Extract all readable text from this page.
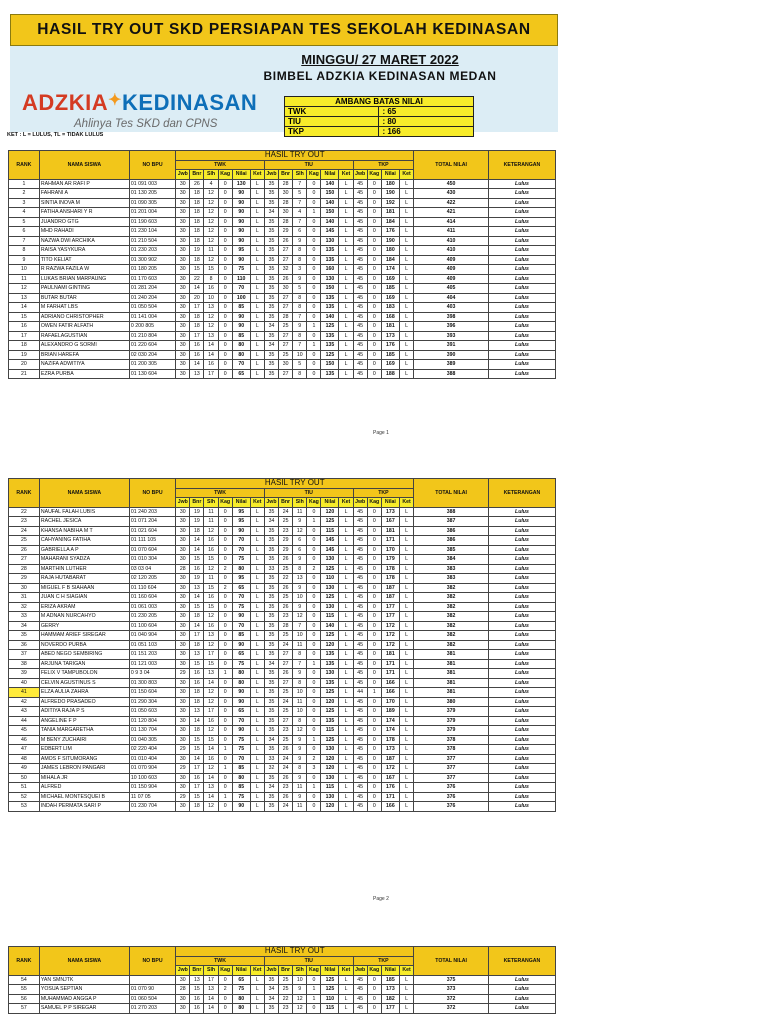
HASIL TRY OUT SKD PERSIAPAN TES SEKOLAH KEDINASAN
MINGGU/ 27 MARET 2022
BIMBEL ADZKIA KEDINASAN MEDAN
ADZKIA✦KEDINASAN
Ahlinya Tes SKD dan CPNS
AMBANG BATAS NILAI	
TWK	: 65
TIU	: 80
TKP	: 166
KET : L = LULUS, TL = TIDAK LULUS
RANK	NAMA SISWA	NO BPU	HASIL TRY OUT																TOTAL NILAI	KETERANGAN
			TWK						TIU						TKP					
			Jwb	Bnr	Slh	Kag	Nilai	Ket	Jwb	Bnr	Slh	Kag	Nilai	Ket	Jwb	Kag	Nilai	Ket		
1	RAHMAN AR RAFI P	01 091 003	30	26	4	0	130	L	35	28	7	0	140	L	45	0	180	L	450	Lulus
2	FAHRANI A	01 130 205	30	18	12	0	90	L	35	30	5	0	150	L	45	0	190	L	430	Lulus
3	SINTIA INOVA M	01 090 305	30	18	12	0	90	L	35	28	7	0	140	L	45	0	192	L	422	Lulus
4	FATIHA ANSHARI Y R	01 201 004	30	18	12	0	90	L	34	30	4	1	150	L	45	0	181	L	421	Lulus
5	JUANDRO GTG	01 190 603	30	18	12	0	90	L	35	28	7	0	140	L	45	0	184	L	414	Lulus
6	MHD RAHADI	01 230 104	30	18	12	0	90	L	35	29	6	0	145	L	45	0	176	L	411	Lulus
7	NAZWA DWI ARCHIKA	01 210 504	30	18	12	0	90	L	35	26	9	0	130	L	45	0	190	L	410	Lulus
8	RAISA YASYKURA	01 230 203	30	19	11	0	95	L	35	27	8	0	135	L	45	0	180	L	410	Lulus
9	TITO KELIAT	01 300 902	30	18	12	0	90	L	35	27	8	0	135	L	45	0	184	L	409	Lulus
10	R RAZWA FAZILA W	01 180 205	30	15	15	0	75	L	35	32	3	0	160	L	45	0	174	L	409	Lulus
11	LUKAS BRIAN MARPAUNG	01 170 603	30	22	8	0	110	L	35	26	9	0	130	L	45	0	169	L	409	Lulus
12	PAULNAMI GINTING	01 281 204	30	14	16	0	70	L	35	30	5	0	150	L	45	0	185	L	405	Lulus
13	BUTAR BUTAR	01 240 204	30	20	10	0	100	L	35	27	8	0	135	L	45	0	169	L	404	Lulus
14	M FARHAT LBS	01 050 504	30	17	13	0	85	L	35	27	8	0	135	L	45	0	183	L	403	Lulus
15	ADRIANO CHRISTOPHER	01 141 004	30	18	12	0	90	L	35	28	7	0	140	L	45	0	168	L	398	Lulus
16	OWEN FATIR ALFATH	0 200 805	30	18	12	0	90	L	34	25	9	1	125	L	45	0	181	L	396	Lulus
17	RAFAELAGUSTIAN	01 210 804	30	17	13	0	85	L	35	27	8	0	135	L	45	0	173	L	393	Lulus
18	ALEXANDRO G SORMI	01 220 604	30	16	14	0	80	L	34	27	7	1	135	L	45	0	176	L	391	Lulus
19	BRIAN HAREFA	02 030 204	30	16	14	0	80	L	35	25	10	0	125	L	45	0	185	L	390	Lulus
20	NAZIFA ADWITIYA	01 200 305	30	14	16	0	70	L	35	30	5	0	150	L	45	0	169	L	389	Lulus
21	EZRA PURBA	01 130 604	30	13	17	0	65	L	35	27	8	0	135	L	45	0	188	L	388	Lulus
Page 1
RANK	NAMA SISWA	NO BPU	HASIL TRY OUT																TOTAL NILAI	KETERANGAN
			TWK						TIU						TKP					
			Jwb	Bnr	Slh	Kag	Nilai	Ket	Jwb	Bnr	Slh	Kag	Nilai	Ket	Jwb	Kag	Nilai	Ket		
22	NAUFAL FALAH LUBIS	01 240 203	30	19	11	0	95	L	35	24	11	0	120	L	45	0	173	L	388	Lulus
23	RACHEL JESICA	01 071 204	30	19	11	0	95	L	34	25	9	1	125	L	45	0	167	L	387	Lulus
24	KHANSA NABIHA M T	01 021 604	30	18	12	0	90	L	35	23	12	0	115	L	45	0	181	L	386	Lulus
25	CAHYANING FATIHA	01 111 105	30	14	16	0	70	L	35	29	6	0	145	L	45	0	171	L	386	Lulus
26	GABRIELLA A P	01 070 604	30	14	16	0	70	L	35	29	6	0	145	L	45	0	170	L	385	Lulus
27	MAHARANI SYADZA	01 010 304	30	15	15	0	75	L	35	26	9	0	130	L	45	0	179	L	384	Lulus
28	MARTHIN LUTHER	03 03 04	28	16	12	2	80	L	33	25	8	2	125	L	45	0	178	L	383	Lulus
29	RAJA HUTABARAT	02 120 205	30	19	11	0	95	L	35	22	13	0	110	L	45	0	178	L	383	Lulus
30	MIGUEL F B SIAHAAN	01 110 604	30	13	15	2	65	L	35	26	9	0	130	L	45	0	187	L	382	Lulus
31	JUAN C H SIAGIAN	01 160 604	30	14	16	0	70	L	35	25	10	0	125	L	45	0	187	L	382	Lulus
32	ERIZA AKRAM	01 061 003	30	15	15	0	75	L	35	26	9	0	130	L	45	0	177	L	382	Lulus
33	M ADNAN NURCAHYO	01 230 205	30	18	12	0	90	L	35	23	12	0	115	L	45	0	177	L	382	Lulus
34	GERRY	01 100 604	30	14	16	0	70	L	35	28	7	0	140	L	45	0	172	L	382	Lulus
35	HAMMAM ARIEF SIREGAR	01 040 904	30	17	13	0	85	L	35	25	10	0	125	L	45	0	172	L	382	Lulus
36	NOVERDO PURBA	01 051 103	30	18	12	0	90	L	35	24	11	0	120	L	45	0	172	L	382	Lulus
37	ABED NEGO SEMBIRING	01 151 203	30	13	17	0	65	L	35	27	8	0	135	L	45	0	181	L	381	Lulus
38	ARJUNA TARIGAN	01 121 003	30	15	15	0	75	L	34	27	7	1	135	L	45	0	171	L	381	Lulus
39	FELIX V TAMPUBOLON	0 9 3 04	29	16	13	1	80	L	35	26	9	0	130	L	45	0	171	L	381	Lulus
40	CELVIN AGUSTINUS S	01 300 803	30	16	14	0	80	L	35	27	8	0	135	L	45	0	166	L	381	Lulus
41	ELZA AULIA ZAHRA	01 150 604	30	18	12	0	90	L	35	25	10	0	125	L	44	1	166	L	381	Lulus
42	ALFREDO PRASADEO	01 290 304	30	18	12	0	90	L	35	24	11	0	120	L	45	0	170	L	380	Lulus
43	ADITIYA RAJA P S	01 050 603	30	13	17	0	65	L	35	25	10	0	125	L	45	0	189	L	379	Lulus
44	ANGELINE F P	01 120 804	30	14	16	0	70	L	35	27	8	0	135	L	45	0	174	L	379	Lulus
45	TANIA MARGARETHA	01 130 704	30	18	12	0	90	L	35	23	12	0	115	L	45	0	174	L	379	Lulus
46	M BENY ZUCHAIRI	01 040 305	30	15	15	0	75	L	34	25	9	1	125	L	45	0	178	L	378	Lulus
47	EDBERT LIM	02 220 404	29	15	14	1	75	L	35	26	9	0	130	L	45	0	173	L	378	Lulus
48	AMOS F SITUMORANG	01 010 404	30	14	16	0	70	L	33	24	9	2	120	L	45	0	187	L	377	Lulus
49	JAMES LEBRON PANGARI	01 070 904	29	17	12	1	85	L	32	24	8	3	120	L	45	0	172	L	377	Lulus
50	MIHALA JR	10 100 603	30	16	14	0	80	L	35	26	9	0	130	L	45	0	167	L	377	Lulus
51	ALFRED	01 150 904	30	17	13	0	85	L	34	23	11	1	115	L	45	0	176	L	376	Lulus
52	MICHAEL MONTESQUEI B	11 07 05	29	15	14	1	75	L	35	26	9	0	130	L	45	0	171	L	376	Lulus
53	INDAH PERMATA SARI P	01 230 704	30	18	12	0	90	L	35	24	11	0	120	L	45	0	166	L	376	Lulus
Page 2
RANK	NAMA SISWA	NO BPU	HASIL TRY OUT																TOTAL NILAI	KETERANGAN
			TWK						TIU						TKP					
			Jwb	Bnr	Slh	Kag	Nilai	Ket	Jwb	Bnr	Slh	Kag	Nilai	Ket	Jwb	Kag	Nilai	Ket		
54	YAN SMNJTK		30	13	17	0	65	L	35	25	10	0	125	L	45	0	185	L	375	Lulus
55	YOSUA SEPTIAN	01 070 90	28	15	13	2	75	L	34	25	9	1	125	L	45	0	173	L	373	Lulus
56	MUHAMMAD ANGGA P	01 060 504	30	16	14	0	80	L	34	22	12	1	110	L	45	0	182	L	372	Lulus
57	SAMUEL P P SIREGAR	01 270 203	30	16	14	0	80	L	35	23	12	0	115	L	45	0	177	L	372	Lulus
